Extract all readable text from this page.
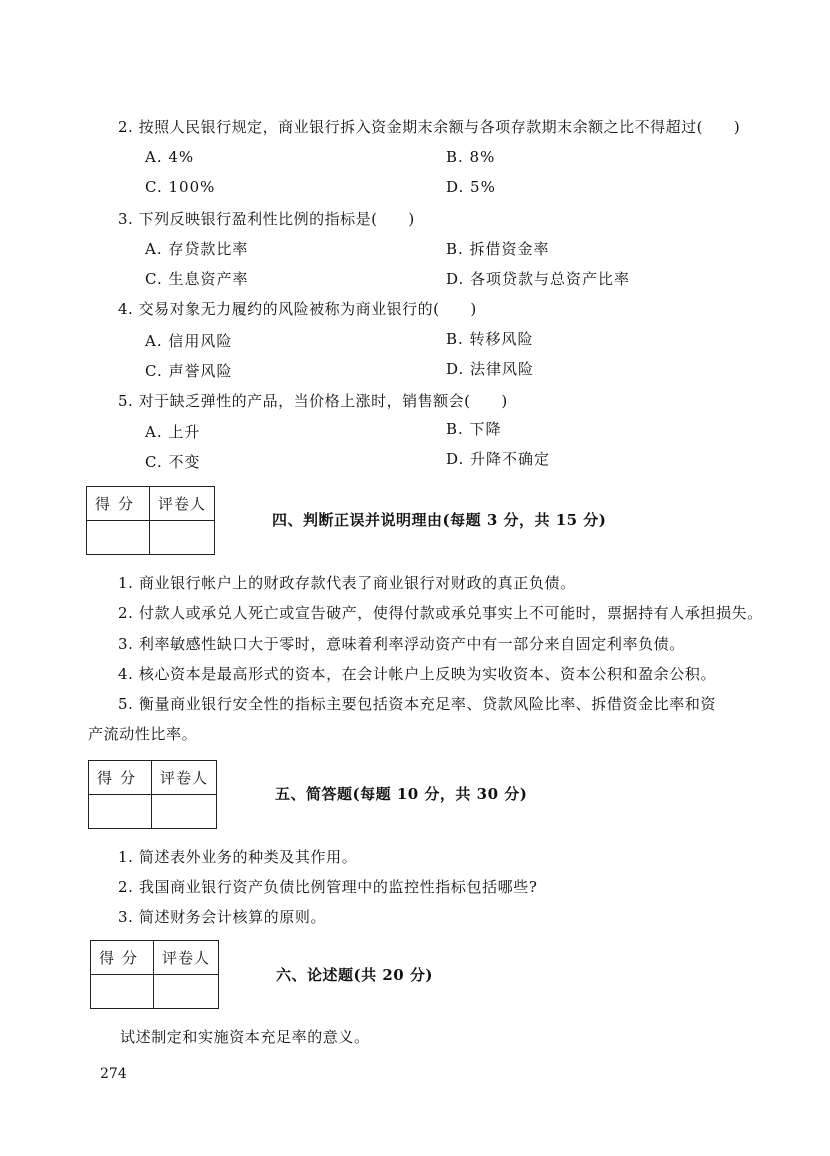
2. 按照人民银行规定，商业银行拆入资金期末余额与各项存款期末余额之比不得超过(　　)
A. 4%	B. 8%
C. 100%	D. 5%
3. 下列反映银行盈利性比例的指标是(　　)
A. 存贷款比率	B. 拆借资金率
C. 生息资产率	D. 各项贷款与总资产比率
4. 交易对象无力履约的风险被称为商业银行的(　　)
A. 信用风险	B. 转移风险
C. 声誉风险	D. 法律风险
5. 对于缺乏弹性的产品，当价格上涨时，销售额会(　　)
A. 上升	B. 下降
C. 不变	D. 升降不确定
得分	评卷人

四、判断正误并说明理由(每题 3 分，共 15 分)
1. 商业银行帐户上的财政存款代表了商业银行对财政的真正负债。
2. 付款人或承兑人死亡或宣告破产，使得付款或承兑事实上不可能时，票据持有人承担损失。
3. 利率敏感性缺口大于零时，意味着利率浮动资产中有一部分来自固定利率负债。
4. 核心资本是最高形式的资本，在会计帐户上反映为实收资本、资本公积和盈余公积。
5. 衡量商业银行安全性的指标主要包括资本充足率、贷款风险比率、拆借资金比率和资
产流动性比率。
得分	评卷人

五、简答题(每题 10 分，共 30 分)
1. 简述表外业务的种类及其作用。
2. 我国商业银行资产负债比例管理中的监控性指标包括哪些?
3. 简述财务会计核算的原则。
得分	评卷人

六、论述题(共 20 分)
试述制定和实施资本充足率的意义。
274
